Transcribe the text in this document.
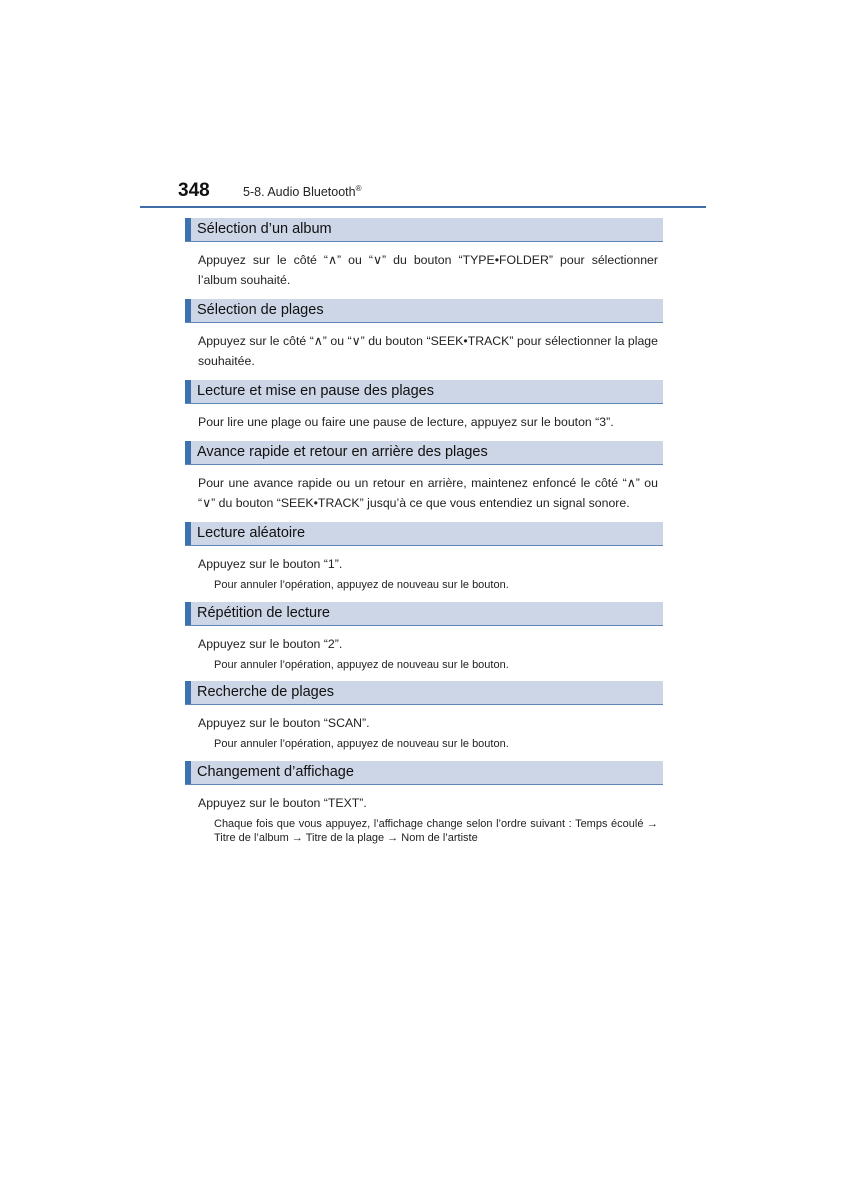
348	5-8. Audio Bluetooth®
Sélection d’un album
Appuyez sur le côté “∧” ou “∨” du bouton “TYPE•FOLDER” pour sélectionner l’album souhaité.
Sélection de plages
Appuyez sur le côté “∧” ou “∨” du bouton “SEEK•TRACK” pour sélectionner la plage souhaitée.
Lecture et mise en pause des plages
Pour lire une plage ou faire une pause de lecture, appuyez sur le bouton “3”.
Avance rapide et retour en arrière des plages
Pour une avance rapide ou un retour en arrière, maintenez enfoncé le côté “∧” ou “∨” du bouton “SEEK•TRACK” jusqu’à ce que vous entendiez un signal sonore.
Lecture aléatoire
Appuyez sur le bouton “1”.
Pour annuler l’opération, appuyez de nouveau sur le bouton.
Répétition de lecture
Appuyez sur le bouton “2”.
Pour annuler l’opération, appuyez de nouveau sur le bouton.
Recherche de plages
Appuyez sur le bouton “SCAN”.
Pour annuler l’opération, appuyez de nouveau sur le bouton.
Changement d’affichage
Appuyez sur le bouton “TEXT”.
Chaque fois que vous appuyez, l’affichage change selon l’ordre suivant : Temps écoulé → Titre de l’album → Titre de la plage → Nom de l’artiste
